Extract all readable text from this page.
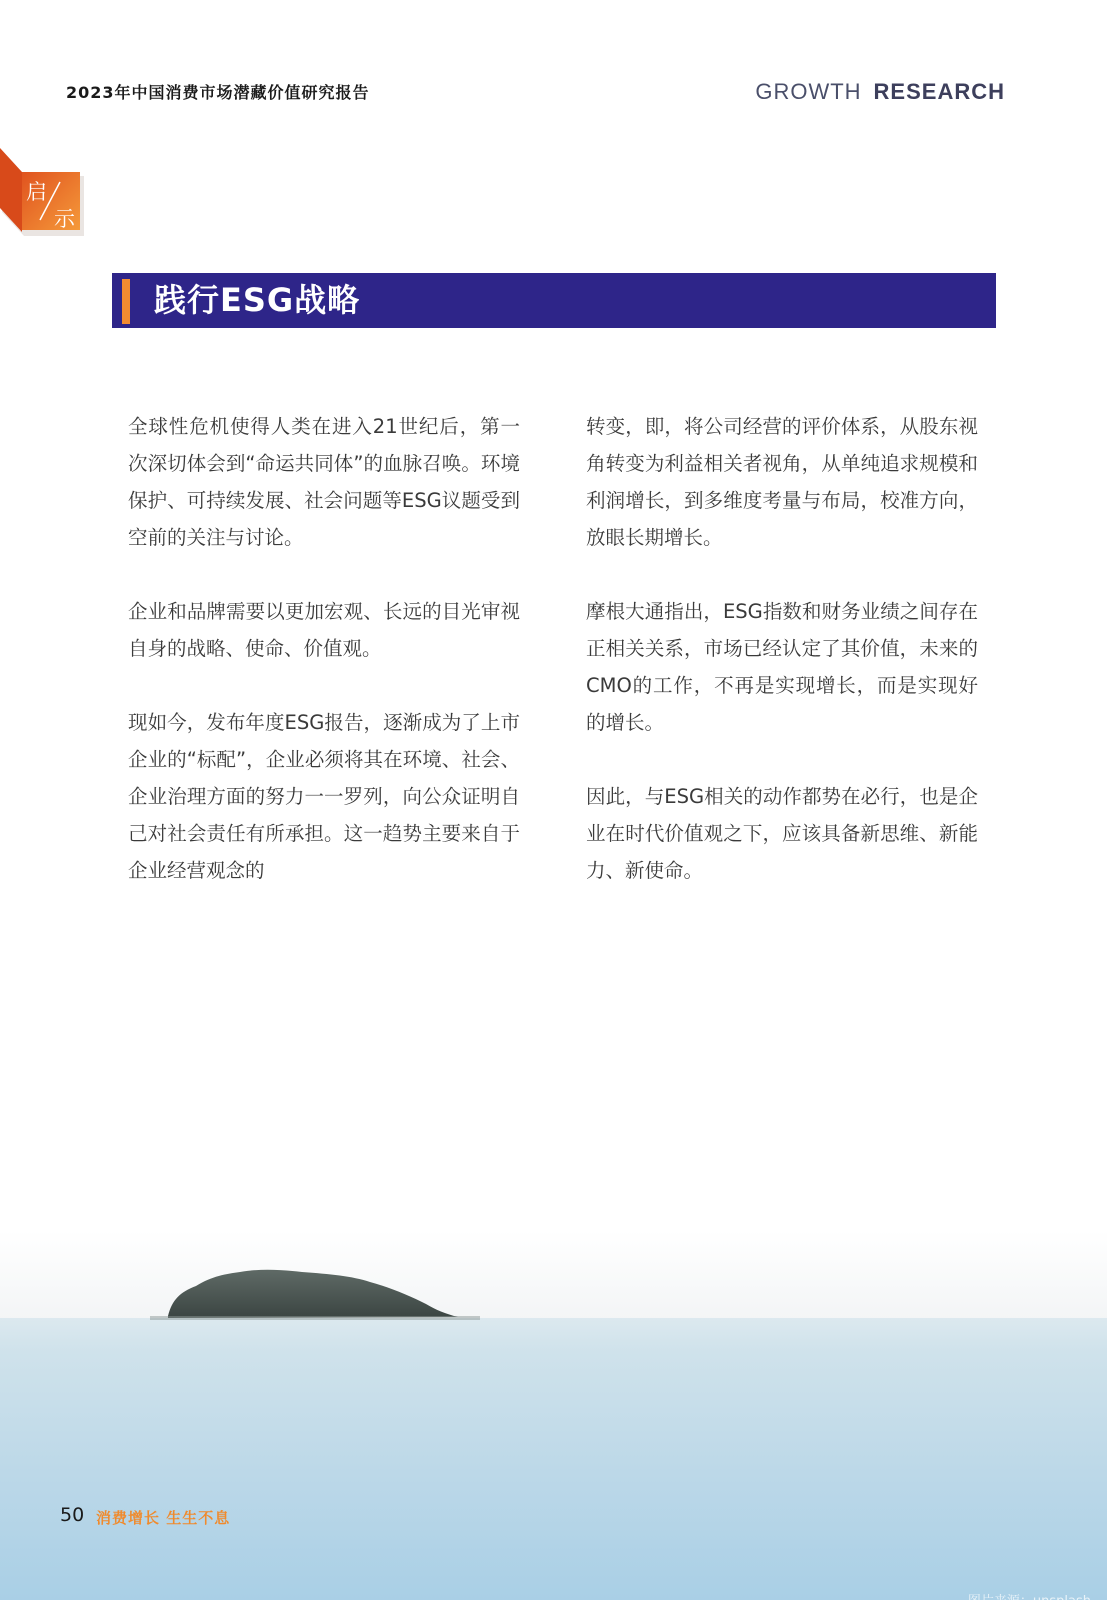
2023年中国消费市场潜藏价值研究报告	GROWTH RESEARCH
启
示
践行ESG战略

全球性危机使得人类在进入21世纪后，第一次深切体会到“命运共同体”的血脉召唤。环境保护、可持续发展、社会问题等ESG议题受到空前的关注与讨论。

企业和品牌需要以更加宏观、长远的目光审视自身的战略、使命、价值观。

现如今，发布年度ESG报告，逐渐成为了上市企业的“标配”，企业必须将其在环境、社会、企业治理方面的努力一一罗列，向公众证明自己对社会责任有所承担。这一趋势主要来自于企业经营观念的

转变，即，将公司经营的评价体系，从股东视角转变为利益相关者视角，从单纯追求规模和利润增长，到多维度考量与布局，校准方向，放眼长期增长。

摩根大通指出，ESG指数和财务业绩之间存在正相关关系，市场已经认定了其价值，未来的CMO的工作，不再是实现增长，而是实现好的增长。

因此，与ESG相关的动作都势在必行，也是企业在时代价值观之下，应该具备新思维、新能力、新使命。

50 消费增长 生生不息
图片来源：unsplash
